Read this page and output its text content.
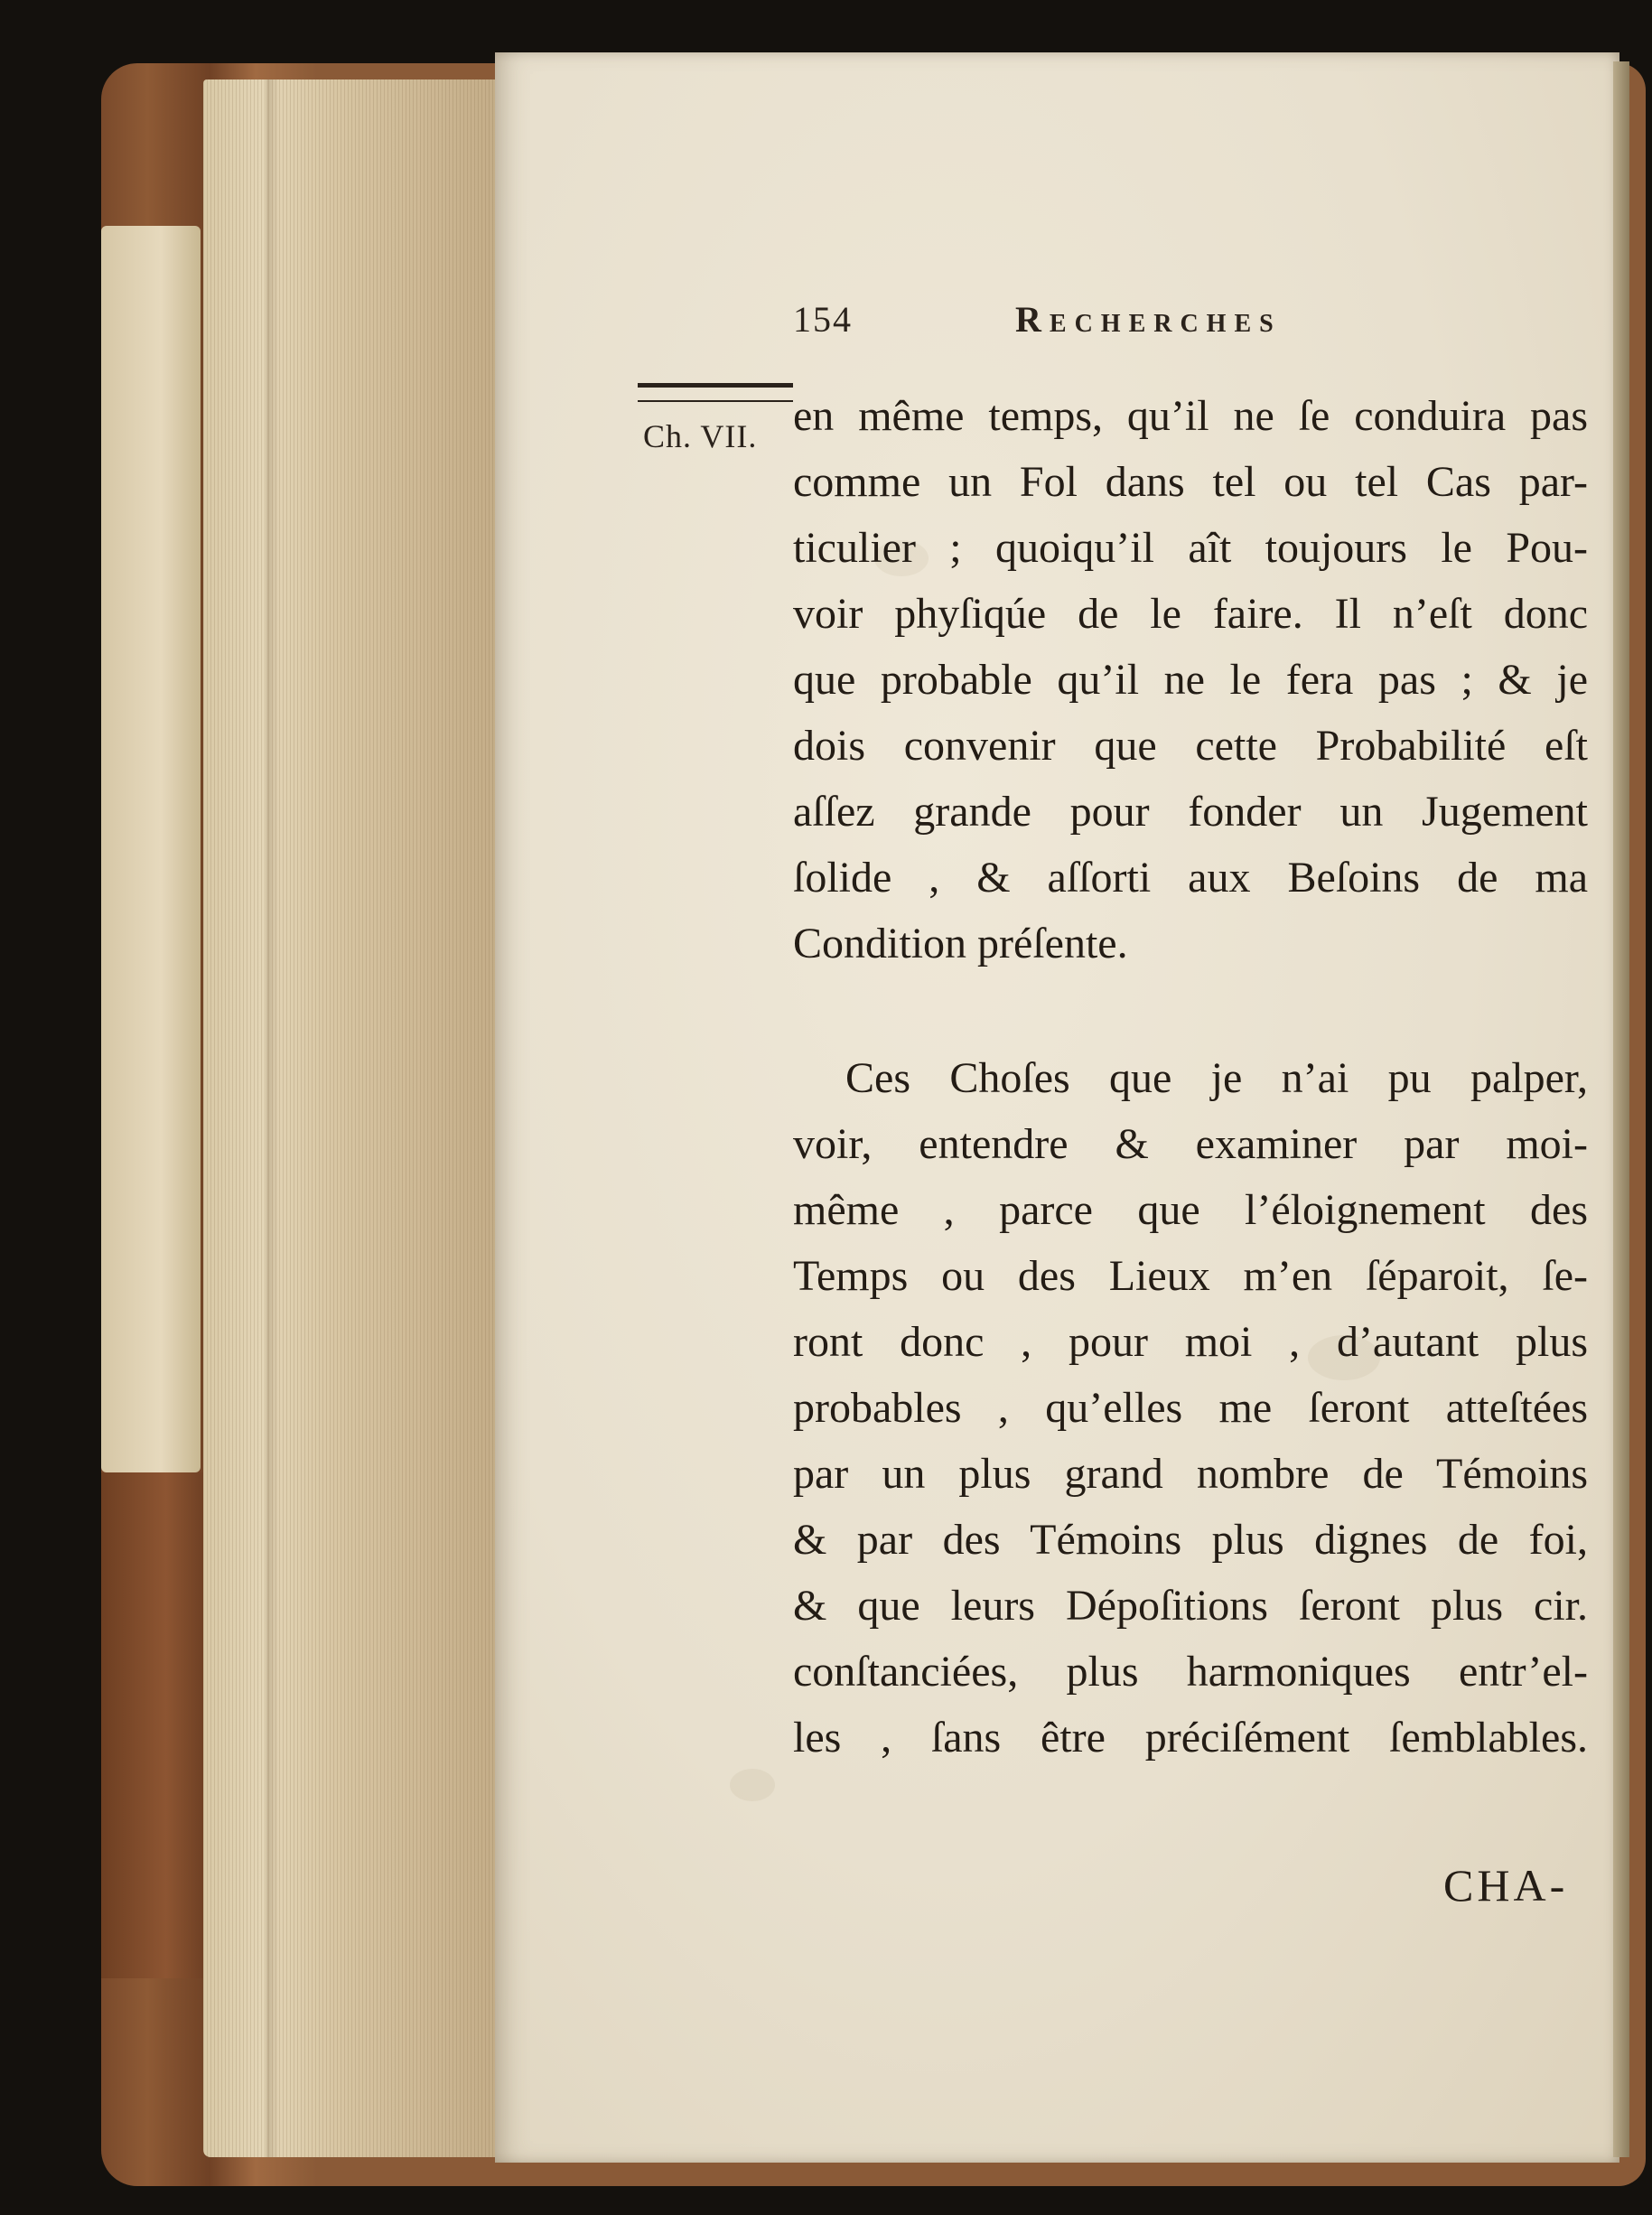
154	Recherches
Ch. VII. en même temps, qu’il ne ſe conduira pas
comme un Fol dans tel ou tel Cas par-
ticulier ; quoiqu’il aît toujours le Pou-
voir phyſiqúe de le faire. Il n’eſt donc
que probable qu’il ne le fera pas ; & je
dois convenir que cette Probabilité eſt
aſſez grande pour fonder un Jugement
ſolide , & aſſorti aux Beſoins de ma
Condition préſente.
Ces Choſes que je n’ai pu palper,
voir, entendre & examiner par moi-
même , parce que l’éloignement des
Temps ou des Lieux m’en ſéparoit, ſe-
ront donc , pour moi , d’autant plus
probables , qu’elles me ſeront atteſtées
par un plus grand nombre de Témoins
& par des Témoins plus dignes de foi,
& que leurs Dépoſitions ſeront plus cir.
conſtanciées, plus harmoniques entr’el-
les , ſans être préciſément ſemblables.
CHA-
